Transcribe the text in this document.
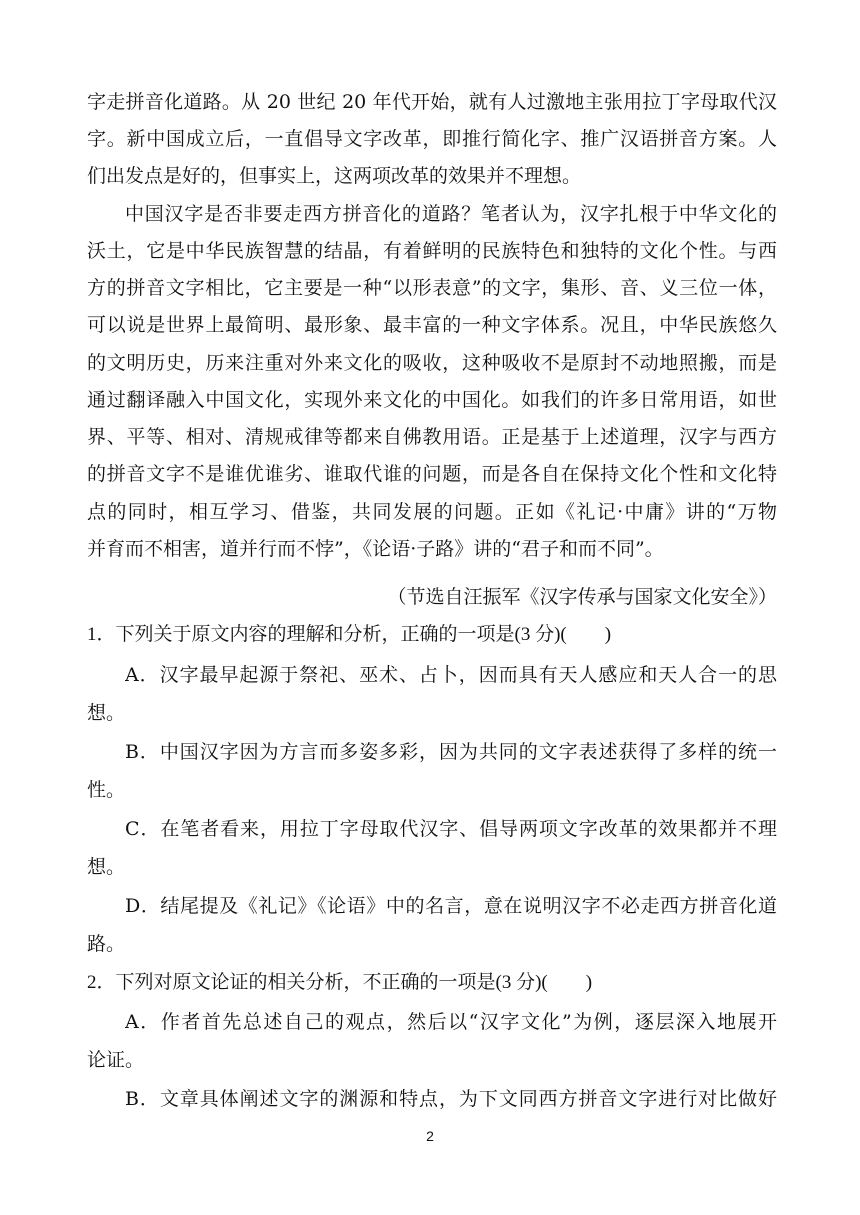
字走拼音化道路。从 20 世纪 20 年代开始，就有人过激地主张用拉丁字母取代汉
字。新中国成立后，一直倡导文字改革，即推行简化字、推广汉语拼音方案。人
们出发点是好的，但事实上，这两项改革的效果并不理想。
中国汉字是否非要走西方拼音化的道路？笔者认为，汉字扎根于中华文化的
沃土，它是中华民族智慧的结晶，有着鲜明的民族特色和独特的文化个性。与西
方的拼音文字相比，它主要是一种“以形表意”的文字，集形、音、义三位一体，
可以说是世界上最简明、最形象、最丰富的一种文字体系。况且，中华民族悠久
的文明历史，历来注重对外来文化的吸收，这种吸收不是原封不动地照搬，而是
通过翻译融入中国文化，实现外来文化的中国化。如我们的许多日常用语，如世
界、平等、相对、清规戒律等都来自佛教用语。正是基于上述道理，汉字与西方
的拼音文字不是谁优谁劣、谁取代谁的问题，而是各自在保持文化个性和文化特
点的同时，相互学习、借鉴，共同发展的问题。正如《礼记·中庸》讲的“万物
并育而不相害，道并行而不悖”，《论语·子路》讲的“君子和而不同”。
（节选自汪振军《汉字传承与国家文化安全》）
1．下列关于原文内容的理解和分析，正确的一项是(3 分)(　　)
A．汉字最早起源于祭祀、巫术、占卜，因而具有天人感应和天人合一的思
想。
B．中国汉字因为方言而多姿多彩，因为共同的文字表述获得了多样的统一
性。
C．在笔者看来，用拉丁字母取代汉字、倡导两项文字改革的效果都并不理
想。
D．结尾提及《礼记》《论语》中的名言，意在说明汉字不必走西方拼音化道
路。
2．下列对原文论证的相关分析，不正确的一项是(3 分)(　　)
A．作者首先总述自己的观点，然后以“汉字文化”为例，逐层深入地展开
论证。
B．文章具体阐述文字的渊源和特点，为下文同西方拼音文字进行对比做好
2
